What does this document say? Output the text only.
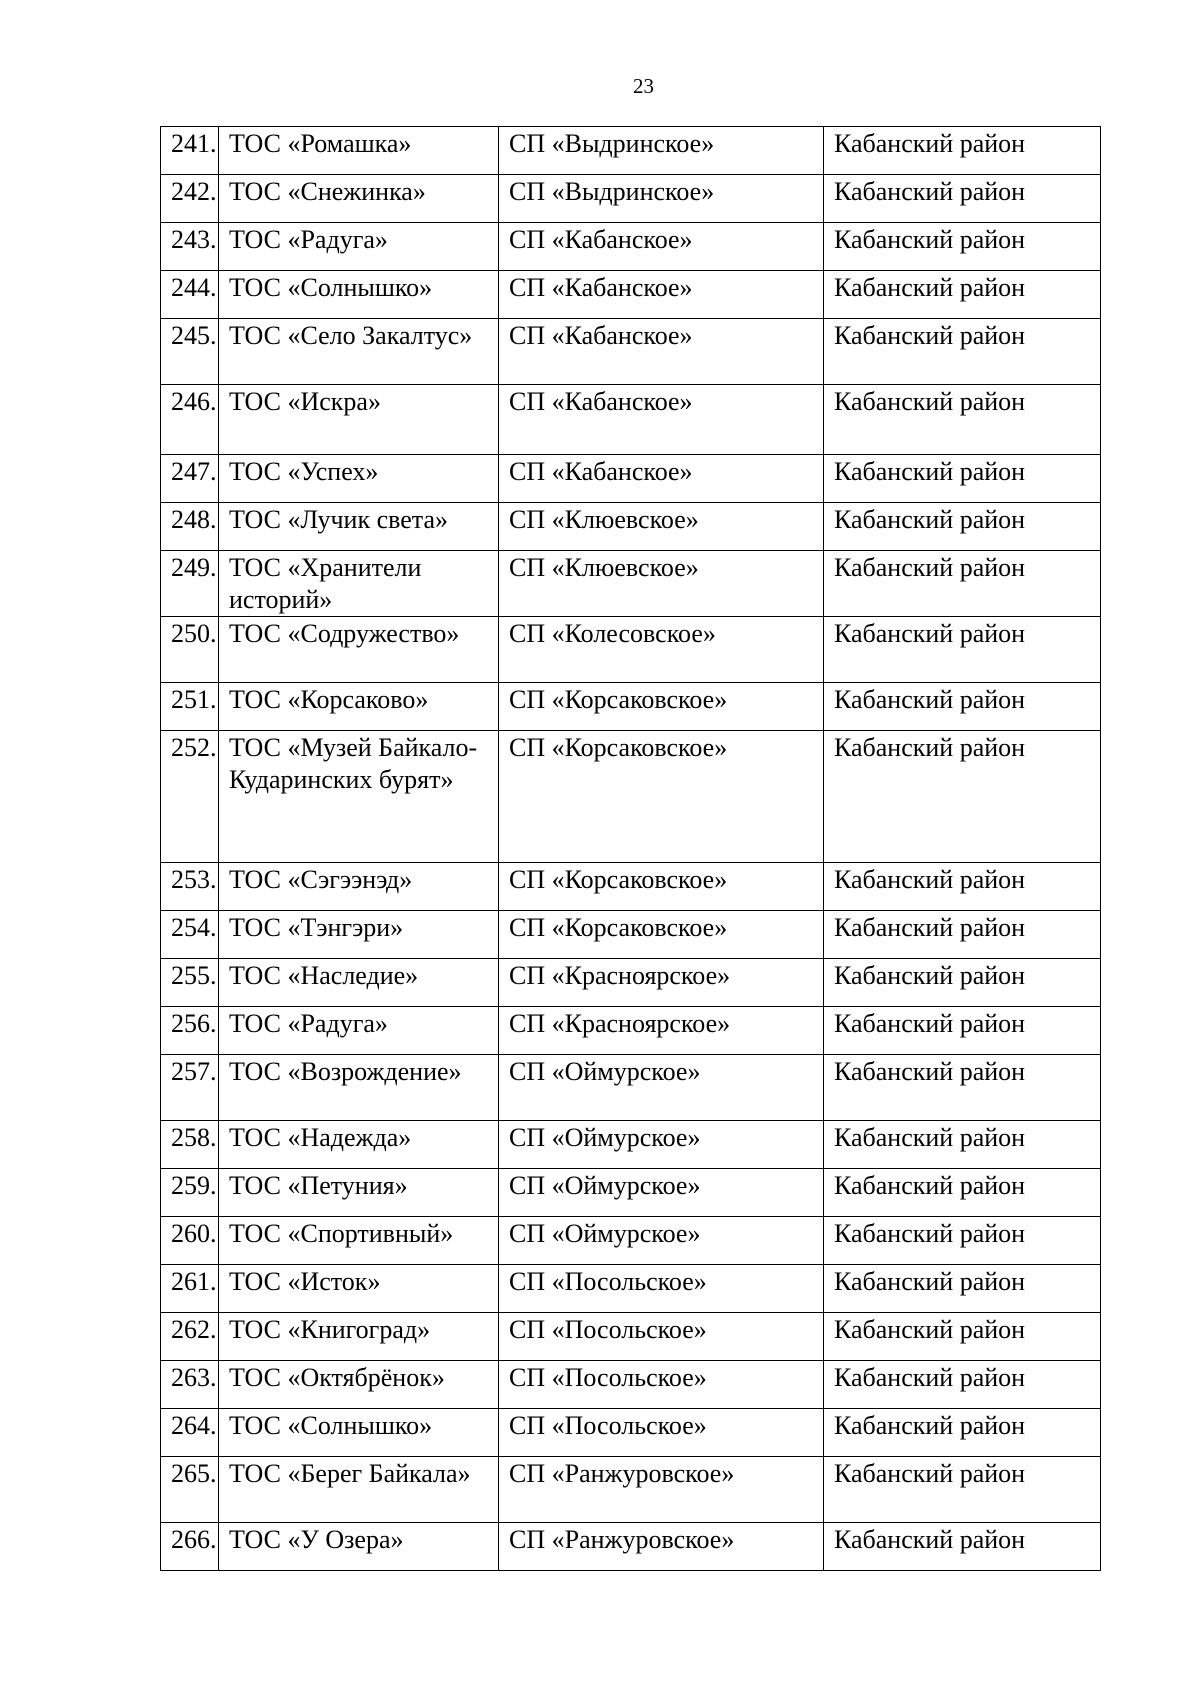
23
241.	ТОС «Ромашка»	СП «Выдринское»	Кабанский район
242.	ТОС «Снежинка»	СП «Выдринское»	Кабанский район
243.	ТОС «Радуга»	СП «Кабанское»	Кабанский район
244.	ТОС «Солнышко»	СП «Кабанское»	Кабанский район
245.	ТОС «Село Закалтус»	СП «Кабанское»	Кабанский район
246.	ТОС «Искра»	СП «Кабанское»	Кабанский район
247.	ТОС «Успех»	СП «Кабанское»	Кабанский район
248.	ТОС «Лучик света»	СП «Клюевское»	Кабанский район
249.	ТОС «Хранители историй»	СП «Клюевское»	Кабанский район
250.	ТОС «Содружество»	СП «Колесовское»	Кабанский район
251.	ТОС «Корсаково»	СП «Корсаковское»	Кабанский район
252.	ТОС «Музей Байкало-Кударинских бурят»	СП «Корсаковское»	Кабанский район
253.	ТОС «Сэгээнэд»	СП «Корсаковское»	Кабанский район
254.	ТОС «Тэнгэри»	СП «Корсаковское»	Кабанский район
255.	ТОС «Наследие»	СП «Красноярское»	Кабанский район
256.	ТОС «Радуга»	СП «Красноярское»	Кабанский район
257.	ТОС «Возрождение»	СП «Оймурское»	Кабанский район
258.	ТОС «Надежда»	СП «Оймурское»	Кабанский район
259.	ТОС «Петуния»	СП «Оймурское»	Кабанский район
260.	ТОС «Спортивный»	СП «Оймурское»	Кабанский район
261.	ТОС «Исток»	СП «Посольское»	Кабанский район
262.	ТОС «Книгоград»	СП «Посольское»	Кабанский район
263.	ТОС «Октябрёнок»	СП «Посольское»	Кабанский район
264.	ТОС «Солнышко»	СП «Посольское»	Кабанский район
265.	ТОС «Берег Байкала»	СП «Ранжуровское»	Кабанский район
266.	ТОС «У Озера»	СП «Ранжуровское»	Кабанский район
